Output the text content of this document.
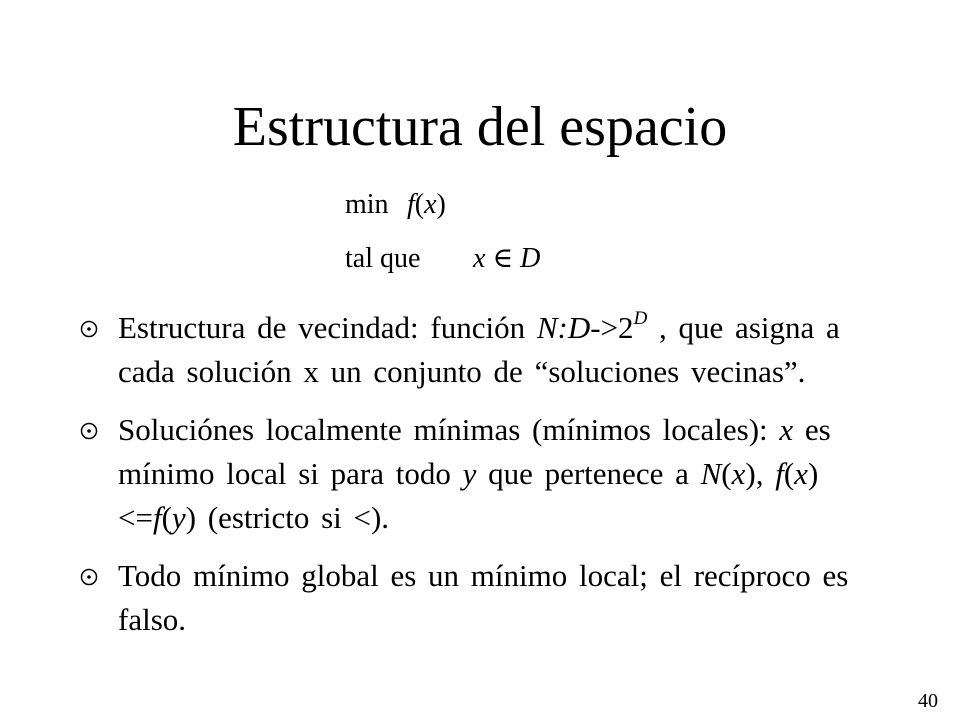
Estructura del espacio
min f(x)
tal que x ∈ D
Estructura de vecindad: función $N:D->2^D$ , que asigna a cada solución x un conjunto de “soluciones vecinas”.
Soluciónes localmente mínimas (mínimos locales): x es mínimo local si para todo y que pertenece a N(x), f(x)<=f(y) (estricto si <).
Todo mínimo global es un mínimo local; el recíproco es falso.
40
